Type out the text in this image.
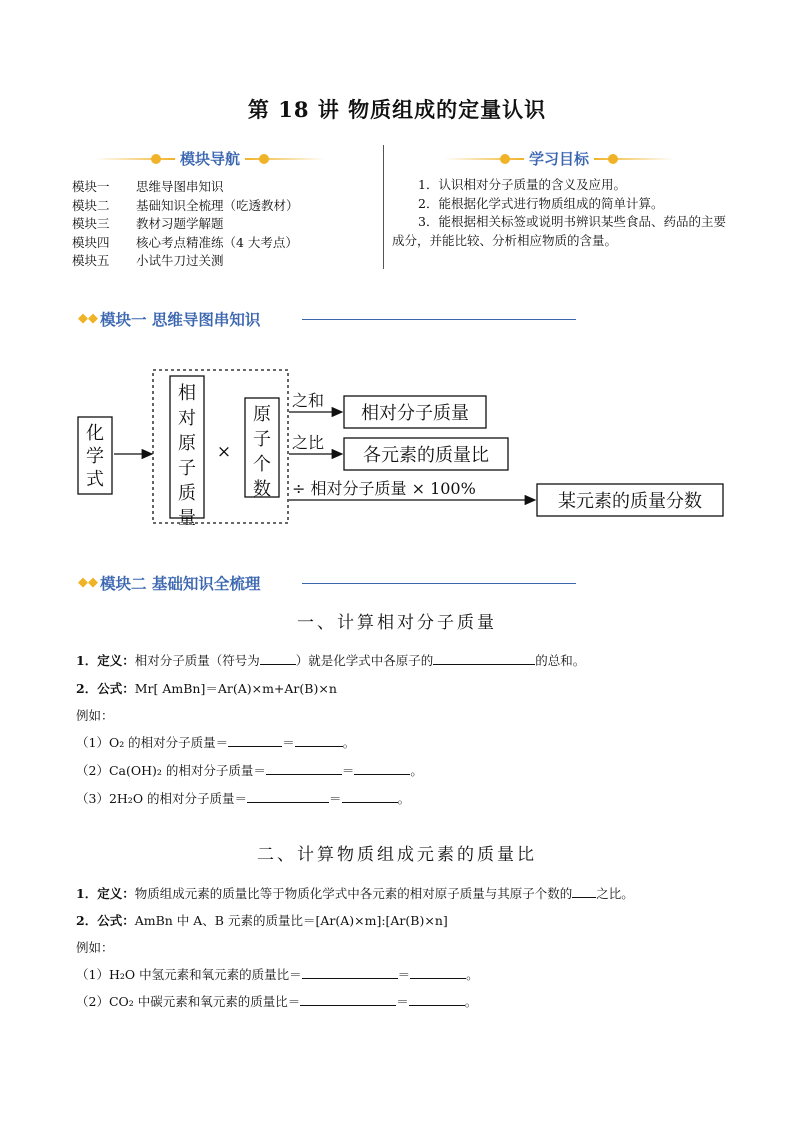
第 18 讲 物质组成的定量认识
模块导航
模块一 思维导图串知识
模块二 基础知识全梳理（吃透教材）
模块三 教材习题学解题
模块四 核心考点精准练（4 大考点）
模块五 小试牛刀过关测
学习目标

1．认识相对分子质量的含义及应用。

2．能根据化学式进行物质组成的简单计算。

3．能根据相关标签或说明书辨识某些食品、药品的主要成分，并能比较、分析相应物质的含量。

◆◆ 模块一 思维导图串知识
化
学
式
相
对
原
子
质
量
×
原
子
个
数
之和
之比
÷ 相对分子质量 × 100%
相对分子质量
各元素的质量比
某元素的质量分数
◆◆ 模块二 基础知识全梳理
一、计算相对分子质量
1．定义：相对分子质量（符号为	）就是化学式中各原子的	的总和。
2．公式：Mr[ AmBn]＝Ar(A)×m+Ar(B)×n
例如：
（1）O₂ 的相对分子质量＝	＝	。
（2）Ca(OH)₂ 的相对分子质量＝	＝	。
（3）2H₂O 的相对分子质量＝	＝	。
二、计算物质组成元素的质量比
1．定义：物质组成元素的质量比等于物质化学式中各元素的相对原子质量与其原子个数的 之比。
2．公式：AmBn 中 A、B 元素的质量比＝[Ar(A)×m]:[Ar(B)×n]
例如：
（1）H₂O 中氢元素和氧元素的质量比＝	＝	。
（2）CO₂ 中碳元素和氧元素的质量比＝	＝	。
